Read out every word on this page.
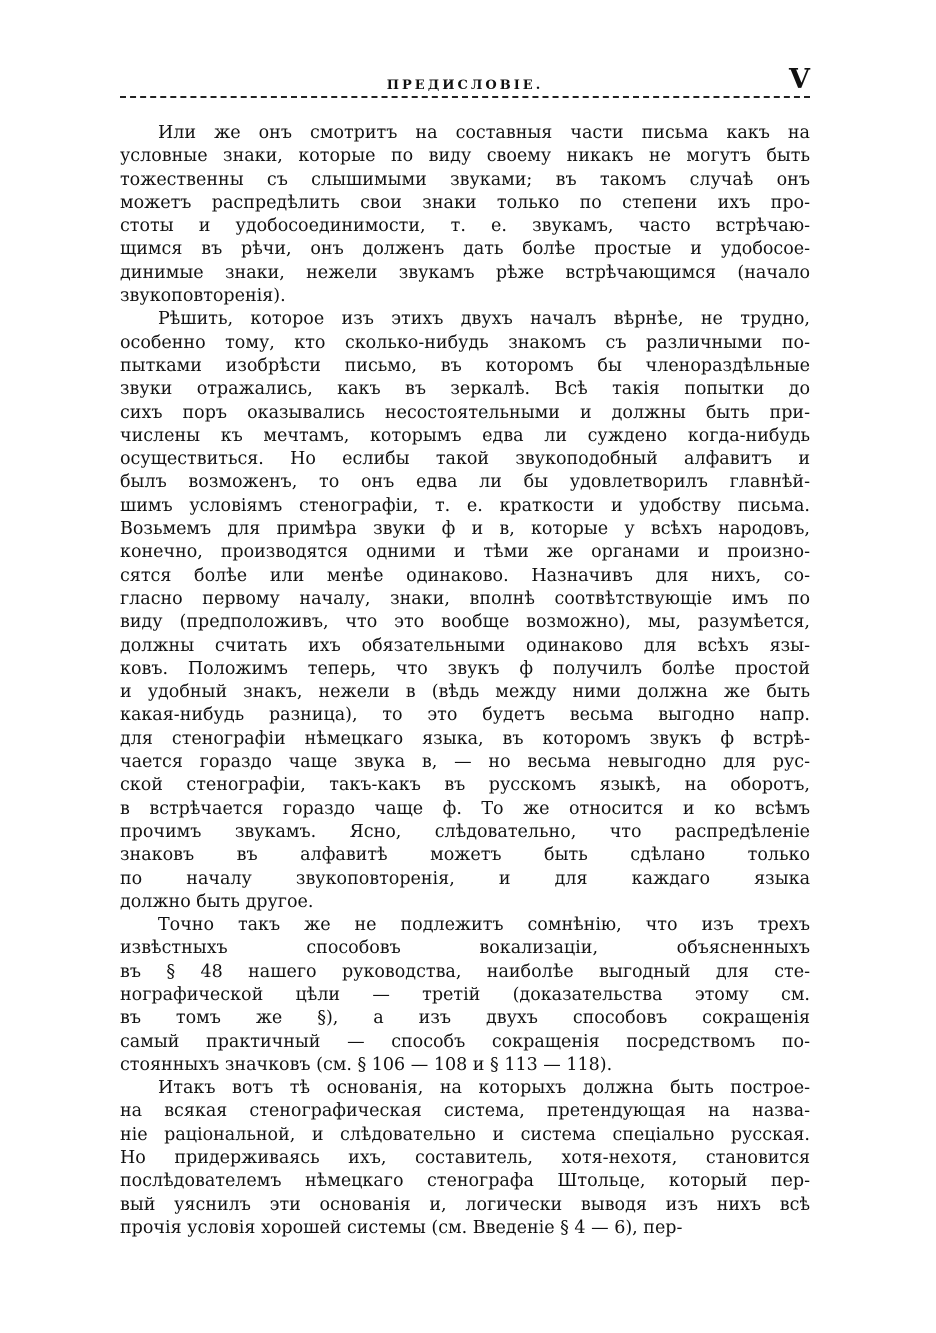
ПРЕДИСЛОВІЕ.	V
Или же онъ смотритъ на составныя части письма какъ на
условные знаки, которые по виду своему никакъ не могутъ быть
тожественны съ слышимыми звуками; въ такомъ случаѣ онъ
можетъ распредѣлить свои знаки только по степени ихъ про-
стоты и удобосоединимости, т. е. звукамъ, часто встрѣчаю-
щимся въ рѣчи, онъ долженъ дать болѣе простые и удобосое-
динимые знаки, нежели звукамъ рѣже встрѣчающимся (начало
звукоповторенія).
Рѣшить, которое изъ этихъ двухъ началъ вѣрнѣе, не трудно,
особенно тому, кто сколько-нибудь знакомъ съ различными по-
пытками изобрѣсти письмо, въ которомъ бы членораздѣльные
звуки отражались, какъ въ зеркалѣ. Всѣ такія попытки до
сихъ поръ оказывались несостоятельными и должны быть при-
числены къ мечтамъ, которымъ едва ли суждено когда-нибудь
осуществиться. Но еслибы такой звукоподобный алфавитъ и
былъ возможенъ, то онъ едва ли бы удовлетворилъ главнѣй-
шимъ условіямъ стенографіи, т. е. краткости и удобству письма.
Возьмемъ для примѣра звуки ф и в, которые у всѣхъ народовъ,
конечно, производятся одними и тѣми же органами и произно-
сятся болѣе или менѣе одинаково. Назначивъ для нихъ, со-
гласно первому началу, знаки, вполнѣ соотвѣтствующіе имъ по
виду (предположивъ, что это вообще возможно), мы, разумѣется,
должны считать ихъ обязательными одинаково для всѣхъ язы-
ковъ. Положимъ теперь, что звукъ ф получилъ болѣе простой
и удобный знакъ, нежели в (вѣдь между ними должна же быть
какая-нибудь разница), то это будетъ весьма выгодно напр.
для стенографіи нѣмецкаго языка, въ которомъ звукъ ф встрѣ-
чается гораздо чаще звука в, — но весьма невыгодно для рус-
ской стенографіи, такъ-какъ въ русскомъ языкѣ, на оборотъ,
в встрѣчается гораздо чаще ф. То же относится и ко всѣмъ
прочимъ звукамъ. Ясно, слѣдовательно, что распредѣленіе
знаковъ въ алфавитѣ можетъ быть сдѣлано только
по началу звукоповторенія, и для каждаго языка
должно быть другое.
Точно такъ же не подлежитъ сомнѣнію, что изъ трехъ
извѣстныхъ способовъ вокализаціи, объясненныхъ
въ § 48 нашего руководства, наиболѣе выгодный для сте-
нографической цѣли — третій (доказательства этому см.
въ томъ же §), а изъ двухъ способовъ сокращенія
самый практичный — способъ сокращенія посредствомъ по-
стоянныхъ значковъ (см. § 106 — 108 и § 113 — 118).
Итакъ вотъ тѣ основанія, на которыхъ должна быть построе-
на всякая стенографическая система, претендующая на назва-
ніе раціональной, и слѣдовательно и система спеціально русская.
Но придерживаясь ихъ, составитель, хотя-нехотя, становится
послѣдователемъ нѣмецкаго стенографа Штольце, который пер-
вый уяснилъ эти основанія и, логически выводя изъ нихъ всѣ
прочія условія хорошей системы (см. Введеніе § 4 — 6), пер-
